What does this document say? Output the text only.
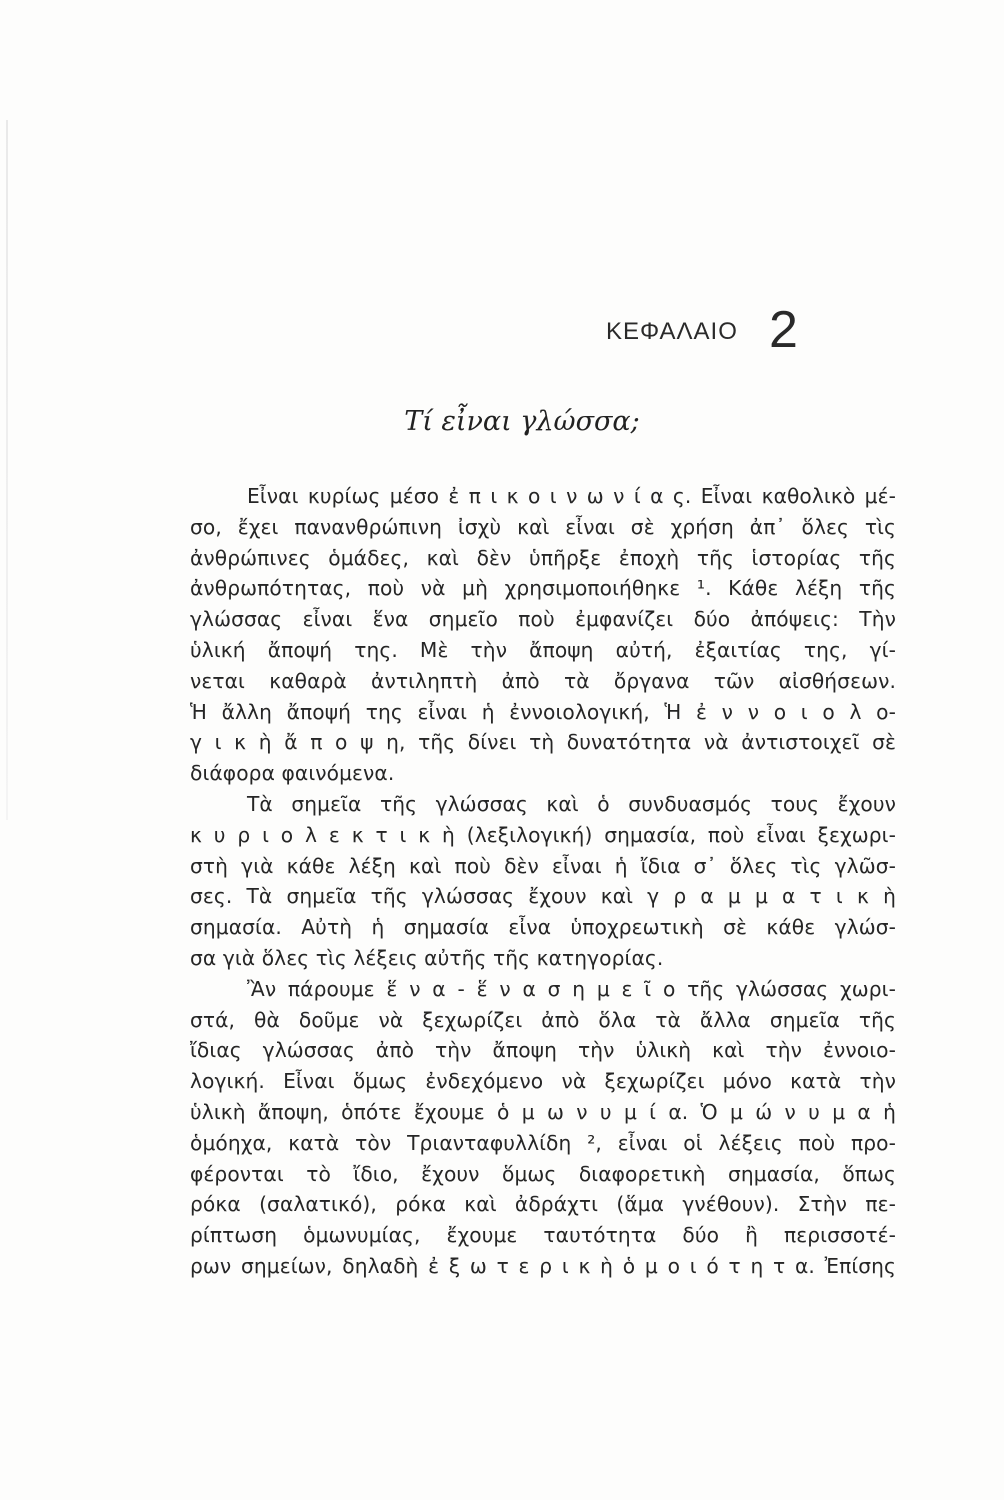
ΚΕΦΑΛΑΙΟ 2
Τί εἶναι γλώσσα;
Εἶναι κυρίως μέσο ἐ π ι κ ο ι ν ω ν ί α ς. Εἶναι καθολικὸ μέ-
σο, ἔχει πανανθρώπινη ἰσχὺ καὶ εἶναι σὲ χρήση ἀπ᾽ ὅλες τὶς
ἀνθρώπινες ὁμάδες, καὶ δὲν ὑπῆρξε ἐποχὴ τῆς ἱστορίας τῆς
ἀνθρωπότητας, ποὺ νὰ μὴ χρησιμοποιήθηκε ¹. Κάθε λέξη τῆς
γλώσσας εἶναι ἕνα σημεῖο ποὺ ἐμφανίζει δύο ἀπόψεις: Τὴν
ὑλική ἄποψή της. Μὲ τὴν ἄποψη αὐτή, ἐξαιτίας της, γί-
νεται καθαρὰ ἀντιληπτὴ ἀπὸ τὰ ὄργανα τῶν αἰσθήσεων.
Ἡ ἄλλη ἄποψή της εἶναι ἡ ἐννοιολογική, Ἡ ἐ ν ν ο ι ο λ ο-
γ ι κ ὴ ἄ π ο ψ η, τῆς δίνει τὴ δυνατότητα νὰ ἀντιστοιχεῖ σὲ
διάφορα φαινόμενα.
Τὰ σημεῖα τῆς γλώσσας καὶ ὁ συνδυασμός τους ἔχουν
κ υ ρ ι ο λ ε κ τ ι κ ὴ (λεξιλογική) σημασία, ποὺ εἶναι ξεχωρι-
στὴ γιὰ κάθε λέξη καὶ ποὺ δὲν εἶναι ἡ ἴδια σ᾽ ὅλες τὶς γλῶσ-
σες. Τὰ σημεῖα τῆς γλώσσας ἔχουν καὶ γ ρ α μ μ α τ ι κ ὴ
σημασία. Αὐτὴ ἡ σημασία εἶνα ὑποχρεωτικὴ σὲ κάθε γλώσ-
σα γιὰ ὅλες τὶς λέξεις αὐτῆς τῆς κατηγορίας.
Ἂν πάρουμε ἕ ν α - ἕ ν α σ η μ ε ῖ ο τῆς γλώσσας χωρι-
στά, θὰ δοῦμε νὰ ξεχωρίζει ἀπὸ ὅλα τὰ ἄλλα σημεῖα τῆς
ἴδιας γλώσσας ἀπὸ τὴν ἄποψη τὴν ὑλικὴ καὶ τὴν ἐννοιο-
λογική. Εἶναι ὅμως ἐνδεχόμενο νὰ ξεχωρίζει μόνο κατὰ τὴν
ὑλικὴ ἄποψη, ὁπότε ἔχουμε ὁ μ ω ν υ μ ί α. Ὁ μ ώ ν υ μ α ἡ
ὁμόηχα, κατὰ τὸν Τριανταφυλλίδη ², εἶναι οἱ λέξεις ποὺ προ-
φέρονται τὸ ἴδιο, ἔχουν ὅμως διαφορετικὴ σημασία, ὅπως
ρόκα (σαλατικό), ρόκα καὶ ἀδράχτι (ἅμα γνέθουν). Στὴν πε-
ρίπτωση ὁμωνυμίας, ἔχουμε ταυτότητα δύο ἢ περισσοτέ-
ρων σημείων, δηλαδὴ ἐ ξ ω τ ε ρ ι κ ὴ ὁ μ ο ι ό τ η τ α. Ἐπίσης
